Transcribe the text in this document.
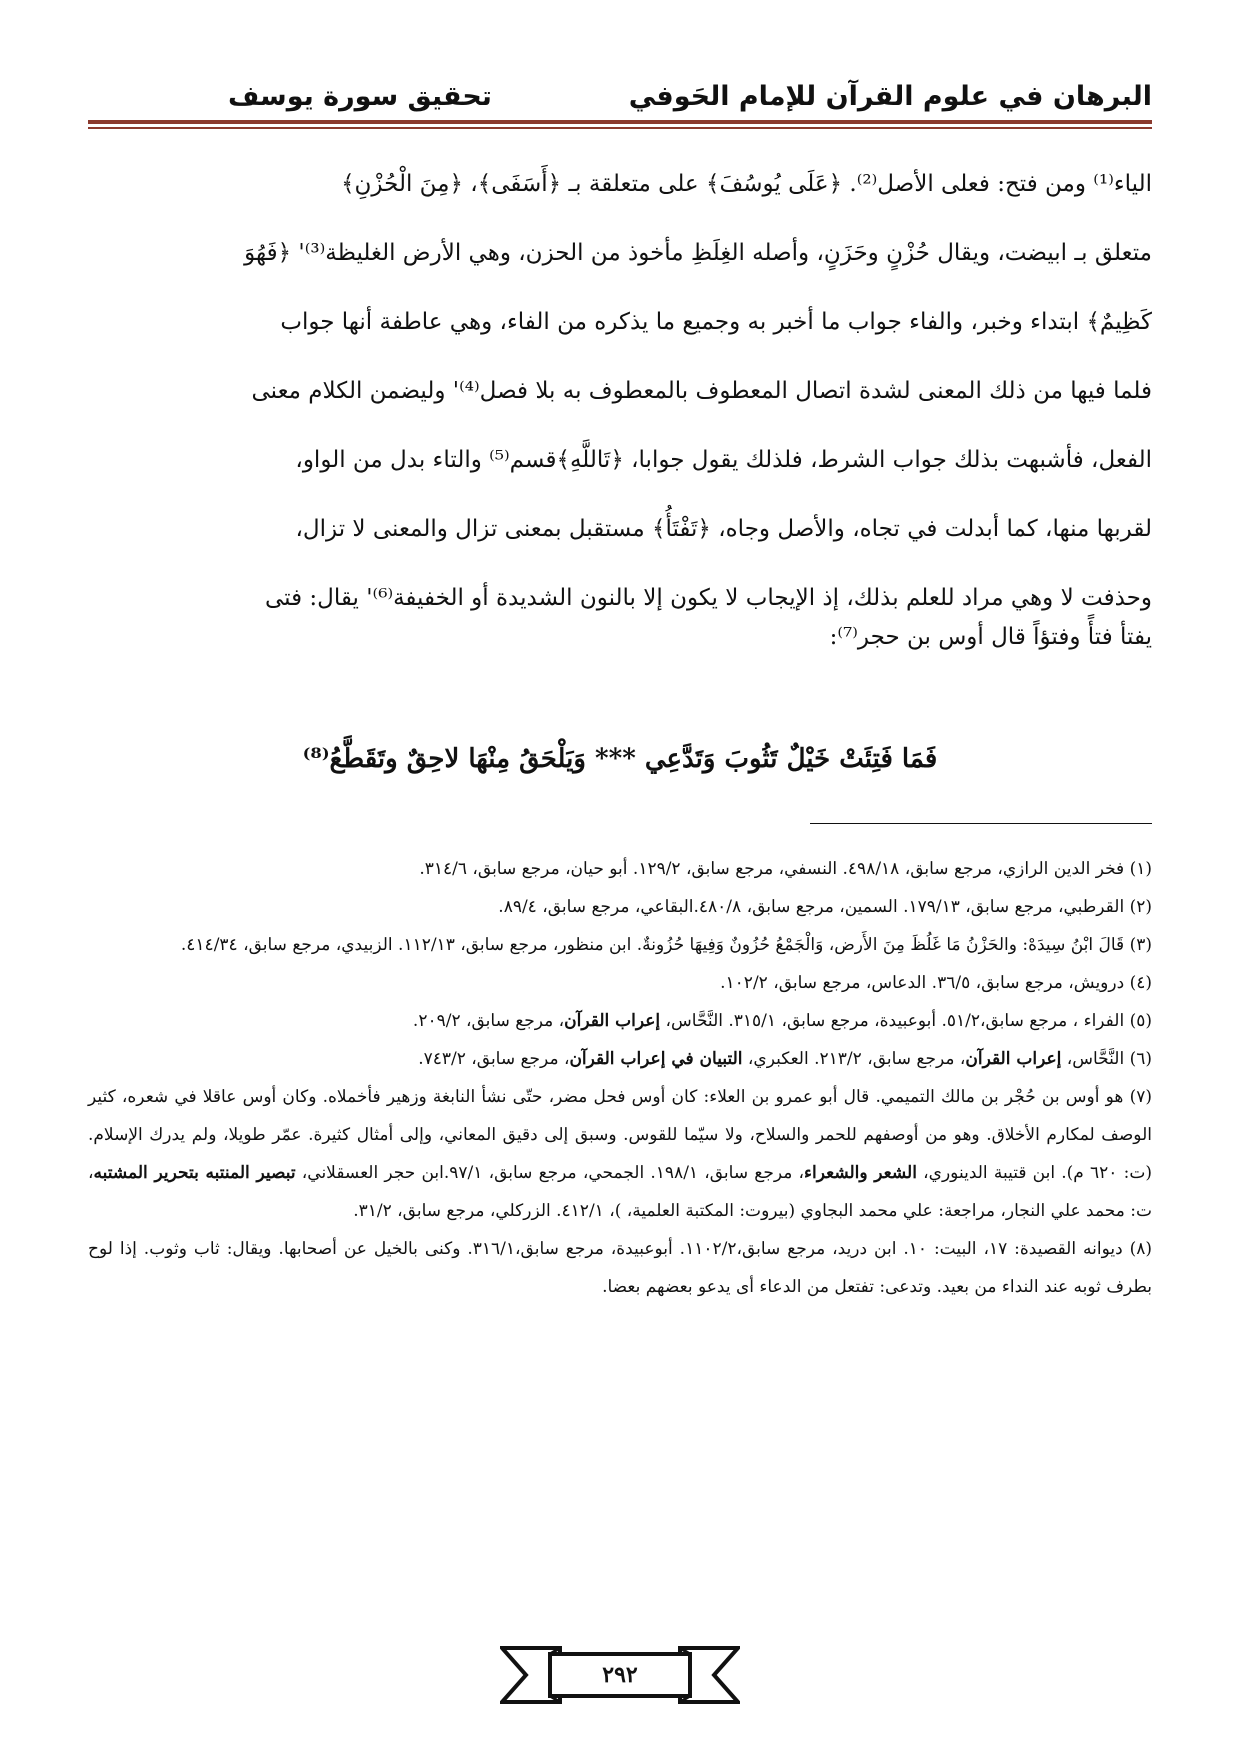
البرهان في علوم القرآن للإمام الحَوفي
تحقيق سورة يوسف

الياء⁽¹⁾ ومن فتح: فعلى الأصل⁽²⁾. ﴿عَلَى يُوسُفَ﴾ على متعلقة بـ ﴿أَسَفَى﴾، ﴿مِنَ الْحُزْنِ﴾

متعلق بـ ابيضت، ويقال حُزْنٍ وحَزَنٍ، وأصله الغِلَظِ مأخوذ من الحزن، وهي الأرض الغليظة⁽³⁾' ﴿فَهُوَ

كَظِيمٌ﴾ ابتداء وخبر، والفاء جواب ما أخبر به وجميع ما يذكره من الفاء، وهي عاطفة أنها جواب

فلما فيها من ذلك المعنى لشدة اتصال المعطوف بالمعطوف به بلا فصل⁽⁴⁾' وليضمن الكلام معنى

الفعل، فأشبهت بذلك جواب الشرط، فلذلك يقول جوابا، ﴿تَاللَّهِ﴾قسم⁽⁵⁾ والتاء بدل من الواو،

لقربها منها، كما أبدلت في تجاه، والأصل وجاه، ﴿تَفْتَأُ﴾ مستقبل بمعنى تزال والمعنى لا تزال،

وحذفت لا وهي مراد للعلم بذلك، إذ الإيجاب لا يكون إلا بالنون الشديدة أو الخفيفة⁽⁶⁾' يقال: فتى

يفتأ فتأً وفتؤاً قال أوس بن حجر⁽⁷⁾:

فَمَا فَتِئَتْ خَيْلٌ تَثُوبَ وَتَدَّعِي *** وَيَلْحَقُ مِنْهَا لاحِقٌ وتَقَطَّعُ⁽⁸⁾

(١) فخر الدين الرازي، مرجع سابق، ٤٩٨/١٨. النسفي، مرجع سابق، ١٢٩/٢. أبو حيان، مرجع سابق، ٣١٤/٦.

(٢) القرطبي، مرجع سابق، ١٧٩/١٣. السمين، مرجع سابق، ٤٨٠/٨.البقاعي، مرجع سابق، ٨٩/٤.

(٣) قَالَ ابْنُ سِيدَهْ: والحَزْنُ مَا غَلُظَ مِنَ الأَرض، وَالْجَمْعُ حُزُونٌ وَفِيهَا حُزُونةٌ. ابن منظور، مرجع سابق، ١١٢/١٣. الزبيدي، مرجع سابق، ٤١٤/٣٤.

(٤) درويش، مرجع سابق، ٣٦/٥. الدعاس، مرجع سابق، ١٠٢/٢.

(٥) الفراء ، مرجع سابق،٥١/٢. أبوعبيدة، مرجع سابق، ٣١٥/١. النَّحَّاس، إعراب القرآن، مرجع سابق، ٢٠٩/٢.

(٦) النَّحَّاس، إعراب القرآن، مرجع سابق، ٢١٣/٢. العكبري، التبيان في إعراب القرآن، مرجع سابق، ٧٤٣/٢.

(٧) هو أوس بن حُجْر بن مالك التميمي. قال أبو عمرو بن العلاء: كان أوس فحل مضر، حتّى نشأ النابغة وزهير فأخملاه. وكان أوس عاقلا في شعره، كثير الوصف لمكارم الأخلاق. وهو من أوصفهم للحمر والسلاح، ولا سيّما للقوس. وسبق إلى دقيق المعاني، وإلى أمثال كثيرة. عمّر طويلا، ولم يدرك الإسلام. (ت: ٦٢٠ م). ابن قتيبة الدينوري، الشعر والشعراء، مرجع سابق، ١٩٨/١. الجمحي، مرجع سابق، ٩٧/١.ابن حجر العسقلاني، تبصير المنتبه بتحرير المشتبه، ت: محمد علي النجار، مراجعة: علي محمد البجاوي (بيروت: المكتبة العلمية، )، ٤١٢/١. الزركلي، مرجع سابق، ٣١/٢.

(٨) ديوانه القصيدة: ١٧، البيت: ١٠. ابن دريد، مرجع سابق،١١٠٢/٢. أبوعبيدة، مرجع سابق،٣١٦/١. وكنى بالخيل عن أصحابها. ويقال: ثاب وثوب. إذا لوح بطرف ثوبه عند النداء من بعيد. وتدعى: تفتعل من الدعاء أى يدعو بعضهم بعضا.

٢٩٢
